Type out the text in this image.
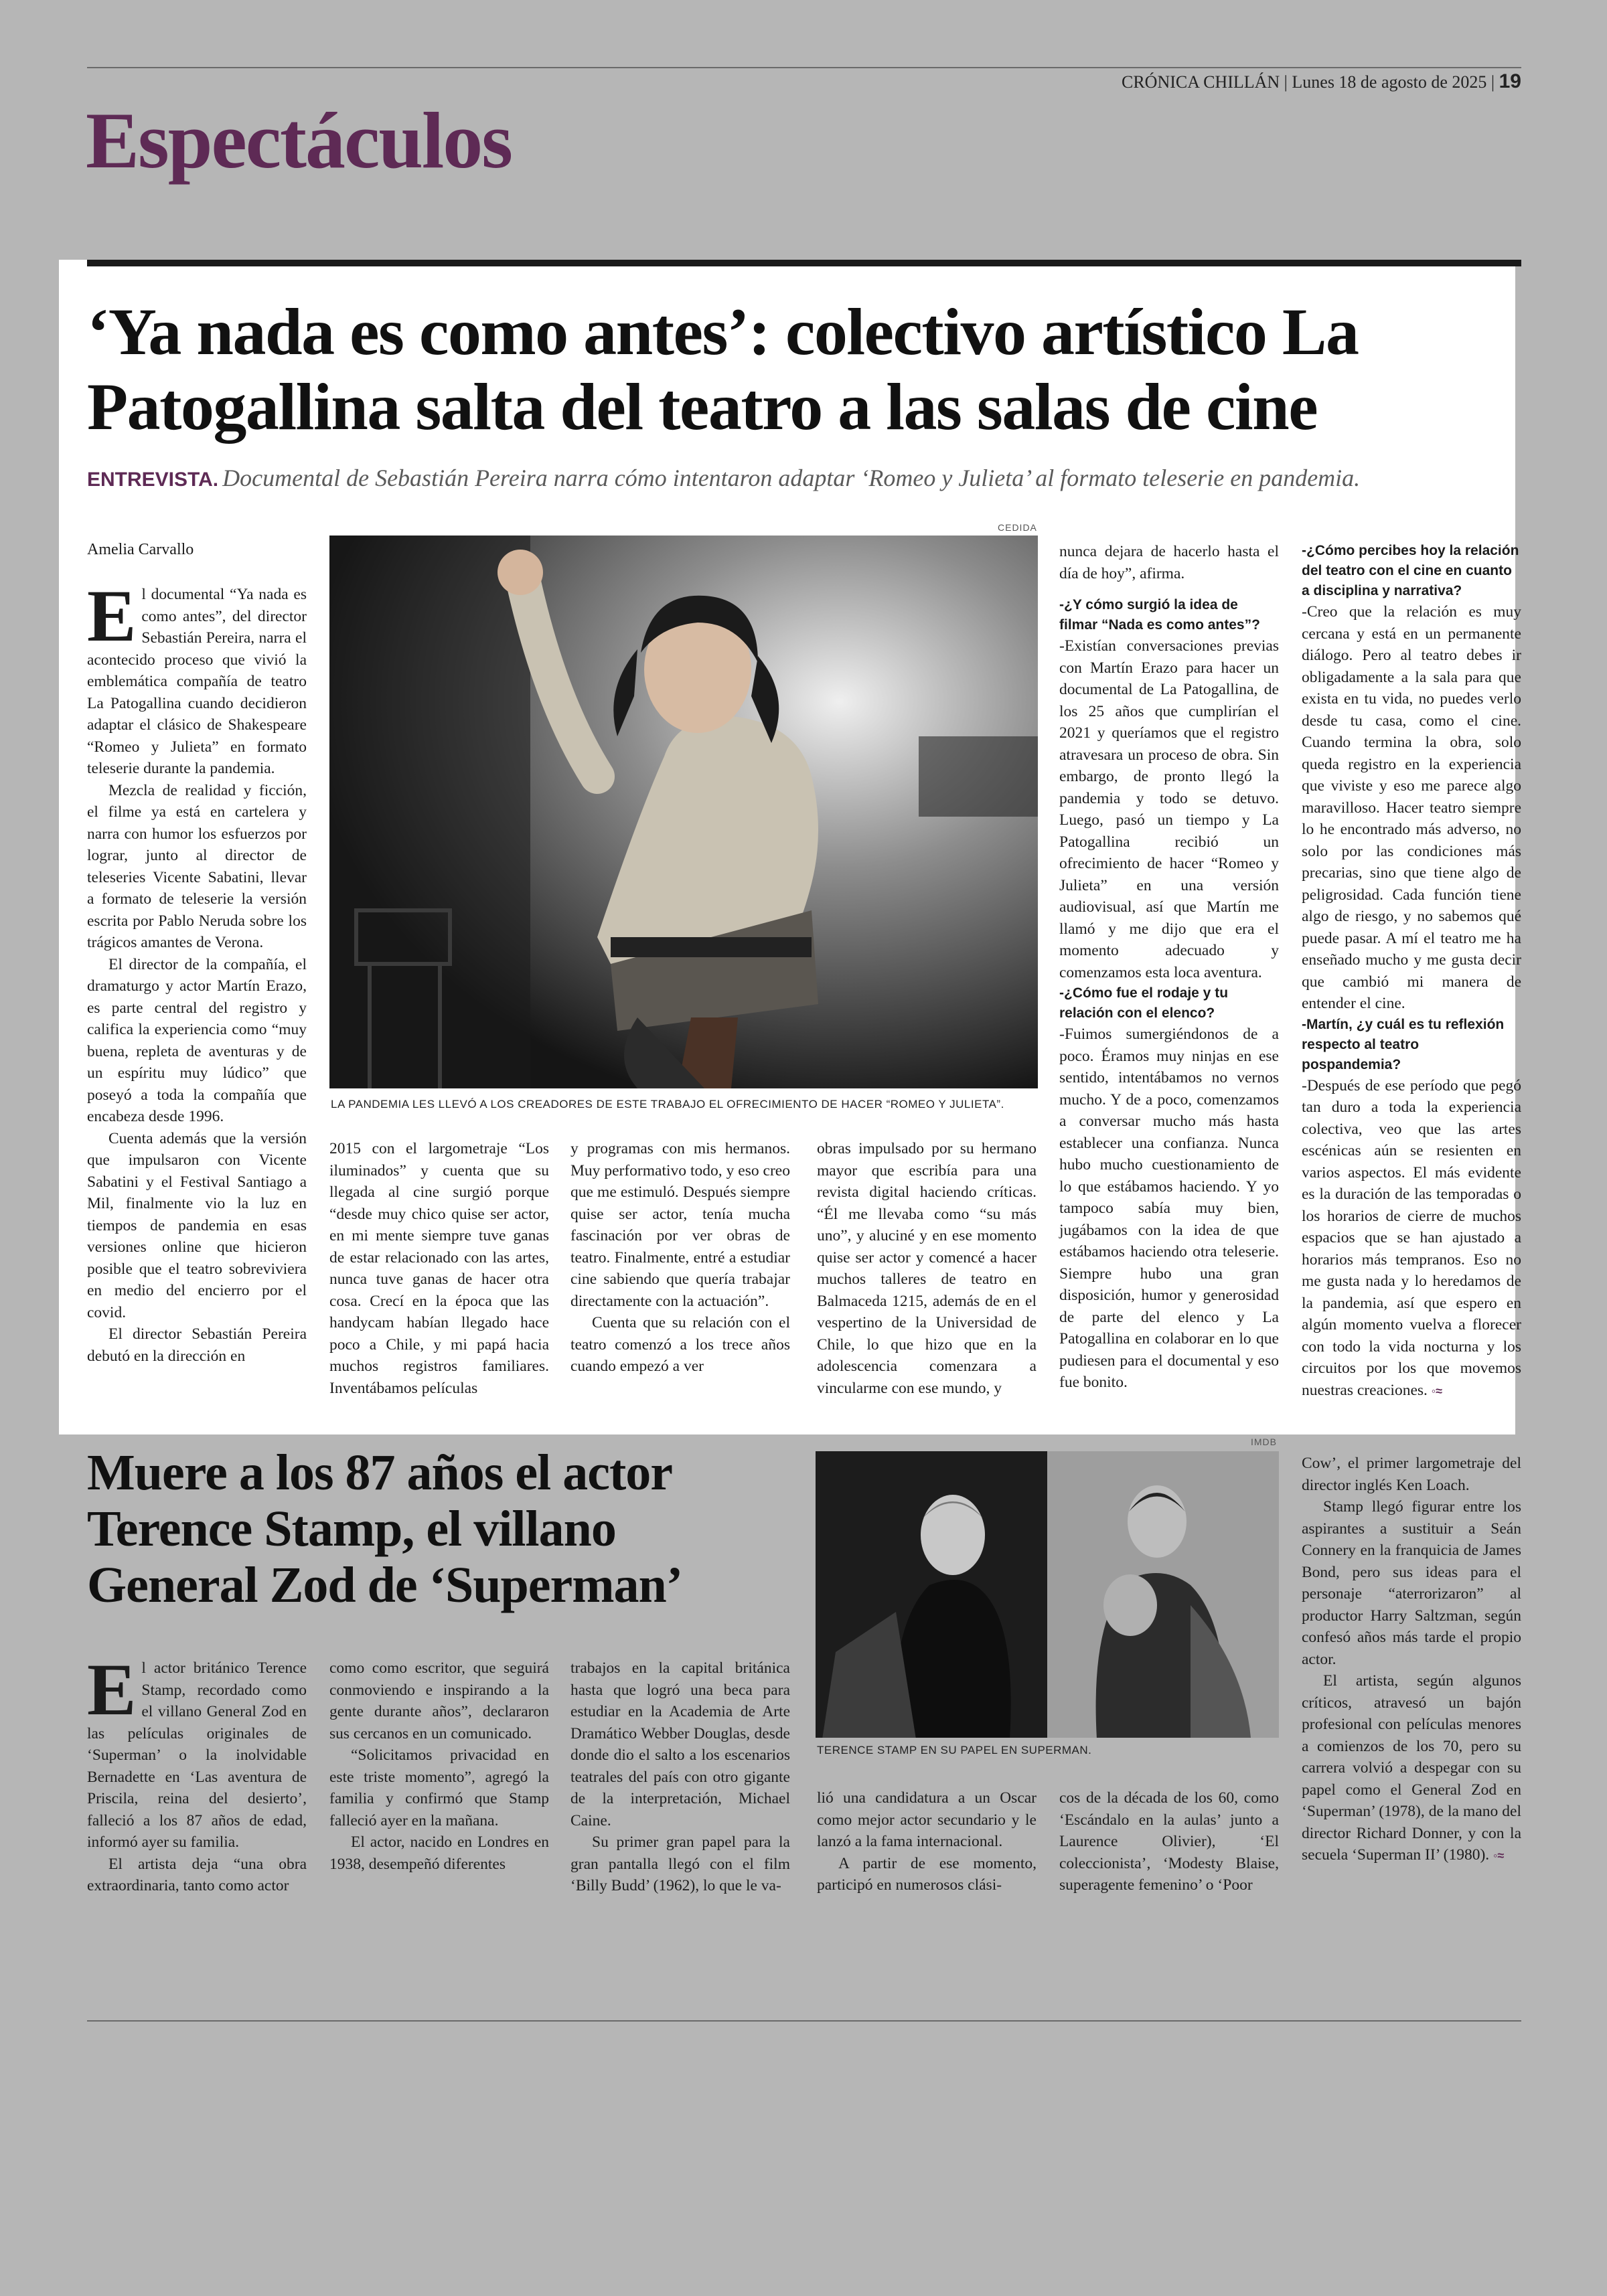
CRÓNICA CHILLÁN | Lunes 18 de agosto de 2025 | 19
Espectáculos
‘Ya nada es como antes’: colectivo artístico La Patogallina salta del teatro a las salas de cine
ENTREVISTA. Documental de Sebastián Pereira narra cómo intentaron adaptar ‘Romeo y Julieta’ al formato teleserie en pandemia.
Amelia Carvallo

El documental “Ya nada es como antes”, del director Sebastián Pereira, narra el acontecido proceso que vivió la emblemática compañía de teatro La Patogallina cuando decidieron adaptar el clásico de Shakespeare “Romeo y Julieta” en formato teleserie durante la pandemia.

Mezcla de realidad y ficción, el filme ya está en cartelera y narra con humor los esfuerzos por lograr, junto al director de teleseries Vicente Sabatini, llevar a formato de teleserie la versión escrita por Pablo Neruda sobre los trágicos amantes de Verona.

El director de la compañía, el dramaturgo y actor Martín Erazo, es parte central del registro y califica la experiencia como “muy buena, repleta de aventuras y de un espíritu muy lúdico” que poseyó a toda la compañía que encabeza desde 1996.

Cuenta además que la versión que impulsaron con Vicente Sabatini y el Festival Santiago a Mil, finalmente vio la luz en tiempos de pandemia en esas versiones online que hicieron posible que el teatro sobreviviera en medio del encierro por el covid.

El director Sebastián Pereira debutó en la dirección en

CEDIDA
LA PANDEMIA LES LLEVÓ A LOS CREADORES DE ESTE TRABAJO EL OFRECIMIENTO DE HACER “ROMEO Y JULIETA”.

2015 con el largometraje “Los iluminados” y cuenta que su llegada al cine surgió porque “desde muy chico quise ser actor, en mi mente siempre tuve ganas de estar relacionado con las artes, nunca tuve ganas de hacer otra cosa. Crecí en la época que las handycam habían llegado hace poco a Chile, y mi papá hacia muchos registros familiares. Inventábamos películas

y programas con mis hermanos. Muy performativo todo, y eso creo que me estimuló. Después siempre quise ser actor, tenía mucha fascinación por ver obras de teatro. Finalmente, entré a estudiar cine sabiendo que quería trabajar directamente con la actuación”.

Cuenta que su relación con el teatro comenzó a los trece años cuando empezó a ver

obras impulsado por su hermano mayor que escribía para una revista digital haciendo críticas. “Él me llevaba como “su más uno”, y aluciné y en ese momento quise ser actor y comencé a hacer muchos talleres de teatro en Balmaceda 1215, además de en el vespertino de la Universidad de Chile, lo que hizo que en la adolescencia comenzara a vincularme con ese mundo, y

nunca dejara de hacerlo hasta el día de hoy”, afirma.

-¿Y cómo surgió la idea de filmar “Nada es como antes”?

-Existían conversaciones previas con Martín Erazo para hacer un documental de La Patogallina, de los 25 años que cumplirían el 2021 y queríamos que el registro atravesara un proceso de obra. Sin embargo, de pronto llegó la pandemia y todo se detuvo. Luego, pasó un tiempo y La Patogallina recibió un ofrecimiento de hacer “Romeo y Julieta” en una versión audiovisual, así que Martín me llamó y me dijo que era el momento adecuado y comenzamos esta loca aventura.

-¿Cómo fue el rodaje y tu relación con el elenco?

-Fuimos sumergiéndonos de a poco. Éramos muy ninjas en ese sentido, intentábamos no vernos mucho. Y de a poco, comenzamos a conversar mucho más hasta establecer una confianza. Nunca hubo mucho cuestionamiento de lo que estábamos haciendo. Y yo tampoco sabía muy bien, jugábamos con la idea de que estábamos haciendo otra teleserie. Siempre hubo una gran disposición, humor y generosidad de parte del elenco y La Patogallina en colaborar en lo que pudiesen para el documental y eso fue bonito.

-¿Cómo percibes hoy la relación del teatro con el cine en cuanto a disciplina y narrativa?

-Creo que la relación es muy cercana y está en un permanente diálogo. Pero al teatro debes ir obligadamente a la sala para que exista en tu vida, no puedes verlo desde tu casa, como el cine. Cuando termina la obra, solo queda registro en la experiencia que viviste y eso me parece algo maravilloso. Hacer teatro siempre lo he encontrado más adverso, no solo por las condiciones más precarias, sino que tiene algo de peligrosidad. Cada función tiene algo de riesgo, y no sabemos qué puede pasar. A mí el teatro me ha enseñado mucho y me gusta decir que cambió mi manera de entender el cine.

-Martín, ¿y cuál es tu reflexión respecto al teatro pospandemia?

-Después de ese período que pegó tan duro a toda la experiencia colectiva, veo que las artes escénicas aún se resienten en varios aspectos. El más evidente es la duración de las temporadas o los horarios de cierre de muchos espacios que se han ajustado a horarios más tempranos. Eso no me gusta nada y lo heredamos de la pandemia, así que espero en algún momento vuelva a florecer con todo la vida nocturna y los circuitos por los que movemos nuestras creaciones. ◦≈

Muere a los 87 años el actor Terence Stamp, el villano General Zod de ‘Superman’

El actor británico Terence Stamp, recordado como el villano General Zod en las películas originales de ‘Superman’ o la inolvidable Bernadette en ‘Las aventura de Priscila, reina del desierto’, falleció a los 87 años de edad, informó ayer su familia.

El artista deja “una obra extraordinaria, tanto como actor

como como escritor, que seguirá conmoviendo e inspirando a la gente durante años”, declararon sus cercanos en un comunicado.

“Solicitamos privacidad en este triste momento”, agregó la familia y confirmó que Stamp falleció ayer en la mañana.

El actor, nacido en Londres en 1938, desempeñó diferentes

trabajos en la capital británica hasta que logró una beca para estudiar en la Academia de Arte Dramático Webber Douglas, desde donde dio el salto a los escenarios teatrales del país con otro gigante de la interpretación, Michael Caine.

Su primer gran papel para la gran pantalla llegó con el film ‘Billy Budd’ (1962), lo que le va-

IMDB
TERENCE STAMP EN SU PAPEL EN SUPERMAN.

lió una candidatura a un Oscar como mejor actor secundario y le lanzó a la fama internacional.

A partir de ese momento, participó en numerosos clási-

cos de la década de los 60, como ‘Escándalo en la aulas’ junto a Laurence Olivier), ‘El coleccionista’, ‘Modesty Blaise, superagente femenino’ o ‘Poor

Cow’, el primer largometraje del director inglés Ken Loach.

Stamp llegó figurar entre los aspirantes a sustituir a Seán Connery en la franquicia de James Bond, pero sus ideas para el personaje “aterrorizaron” al productor Harry Saltzman, según confesó años más tarde el propio actor.

El artista, según algunos críticos, atravesó un bajón profesional con películas menores a comienzos de los 70, pero su carrera volvió a despegar con su papel como el General Zod en ‘Superman’ (1978), de la mano del director Richard Donner, y con la secuela ‘Superman II’ (1980). ◦≈
